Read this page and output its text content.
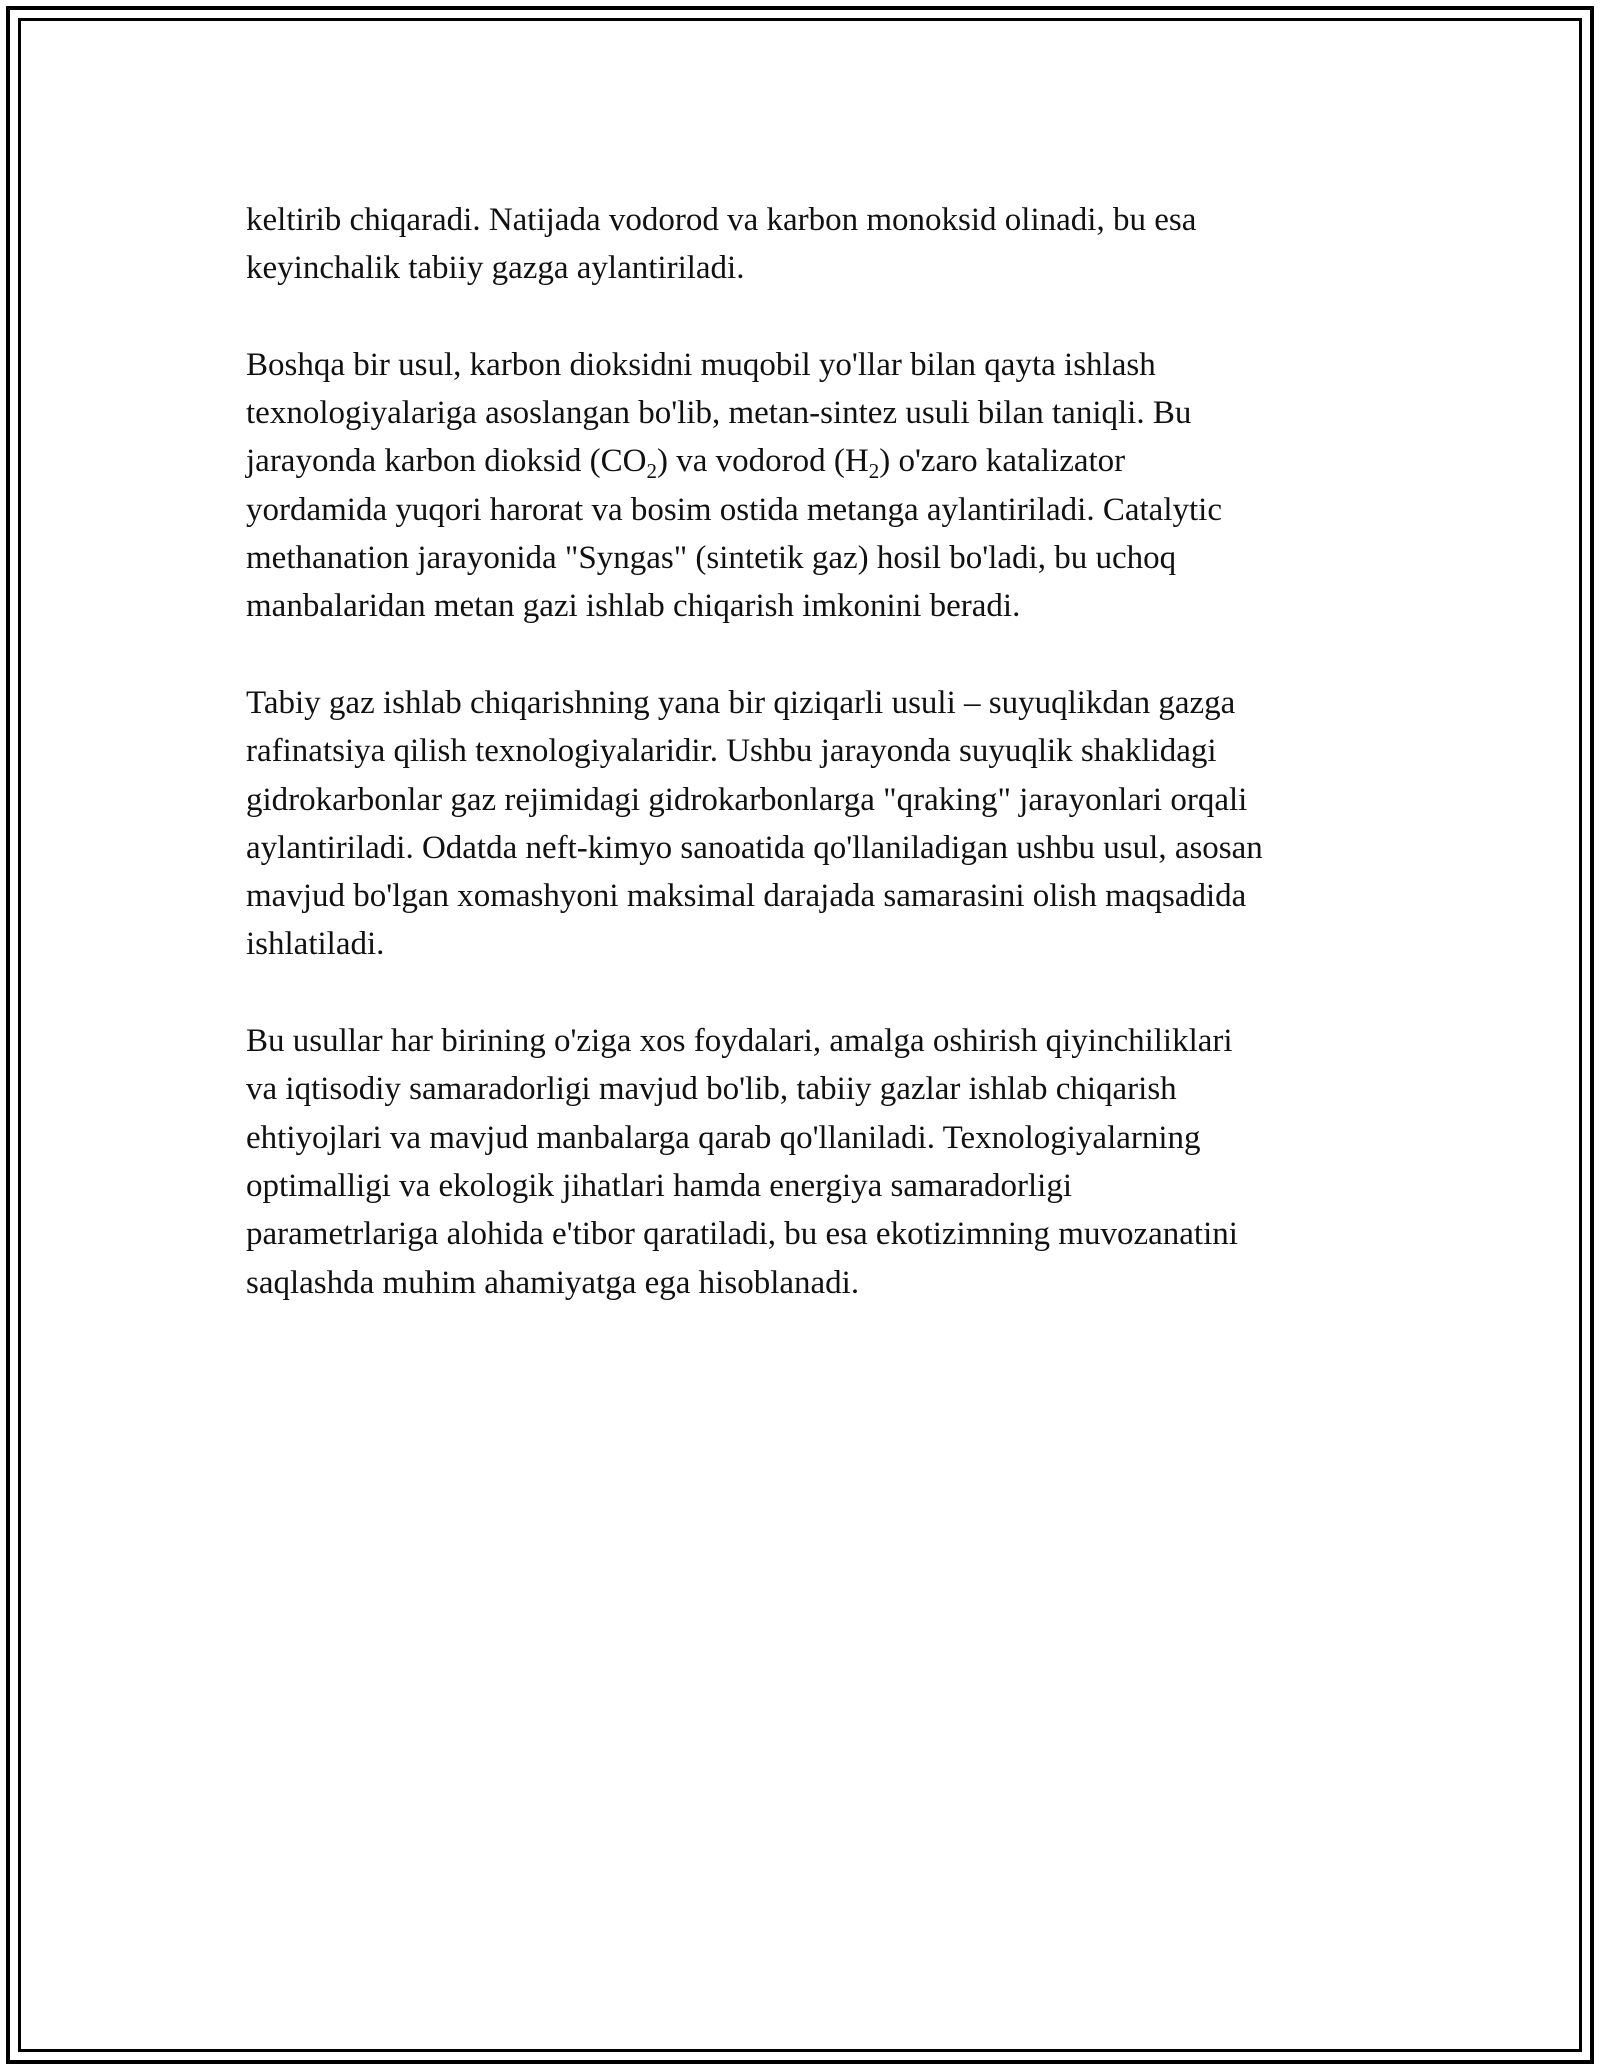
keltirib chiqaradi. Natijada vodorod va karbon monoksid olinadi, bu esa
keyinchalik tabiiy gazga aylantiriladi.

Boshqa bir usul, karbon dioksidni muqobil yo'llar bilan qayta ishlash
texnologiyalariga asoslangan bo'lib, metan-sintez usuli bilan taniqli. Bu
jarayonda karbon dioksid $(CO_2)$ va vodorod $(H_2)$ o'zaro katalizator
yordamida yuqori harorat va bosim ostida metanga aylantiriladi. Catalytic
methanation jarayonida "Syngas" (sintetik gaz) hosil bo'ladi, bu uchoq
manbalaridan metan gazi ishlab chiqarish imkonini beradi.

Tabiy gaz ishlab chiqarishning yana bir qiziqarli usuli – suyuqlikdan gazga
rafinatsiya qilish texnologiyalaridir. Ushbu jarayonda suyuqlik shaklidagi
gidrokarbonlar gaz rejimidagi gidrokarbonlarga "qraking" jarayonlari orqali
aylantiriladi. Odatda neft-kimyo sanoatida qo'llaniladigan ushbu usul, asosan
mavjud bo'lgan xomashyoni maksimal darajada samarasini olish maqsadida
ishlatiladi.

Bu usullar har birining o'ziga xos foydalari, amalga oshirish qiyinchiliklari
va iqtisodiy samaradorligi mavjud bo'lib, tabiiy gazlar ishlab chiqarish
ehtiyojlari va mavjud manbalarga qarab qo'llaniladi. Texnologiyalarning
optimalligi va ekologik jihatlari hamda energiya samaradorligi
parametrlariga alohida e'tibor qaratiladi, bu esa ekotizimning muvozanatini
saqlashda muhim ahamiyatga ega hisoblanadi.
